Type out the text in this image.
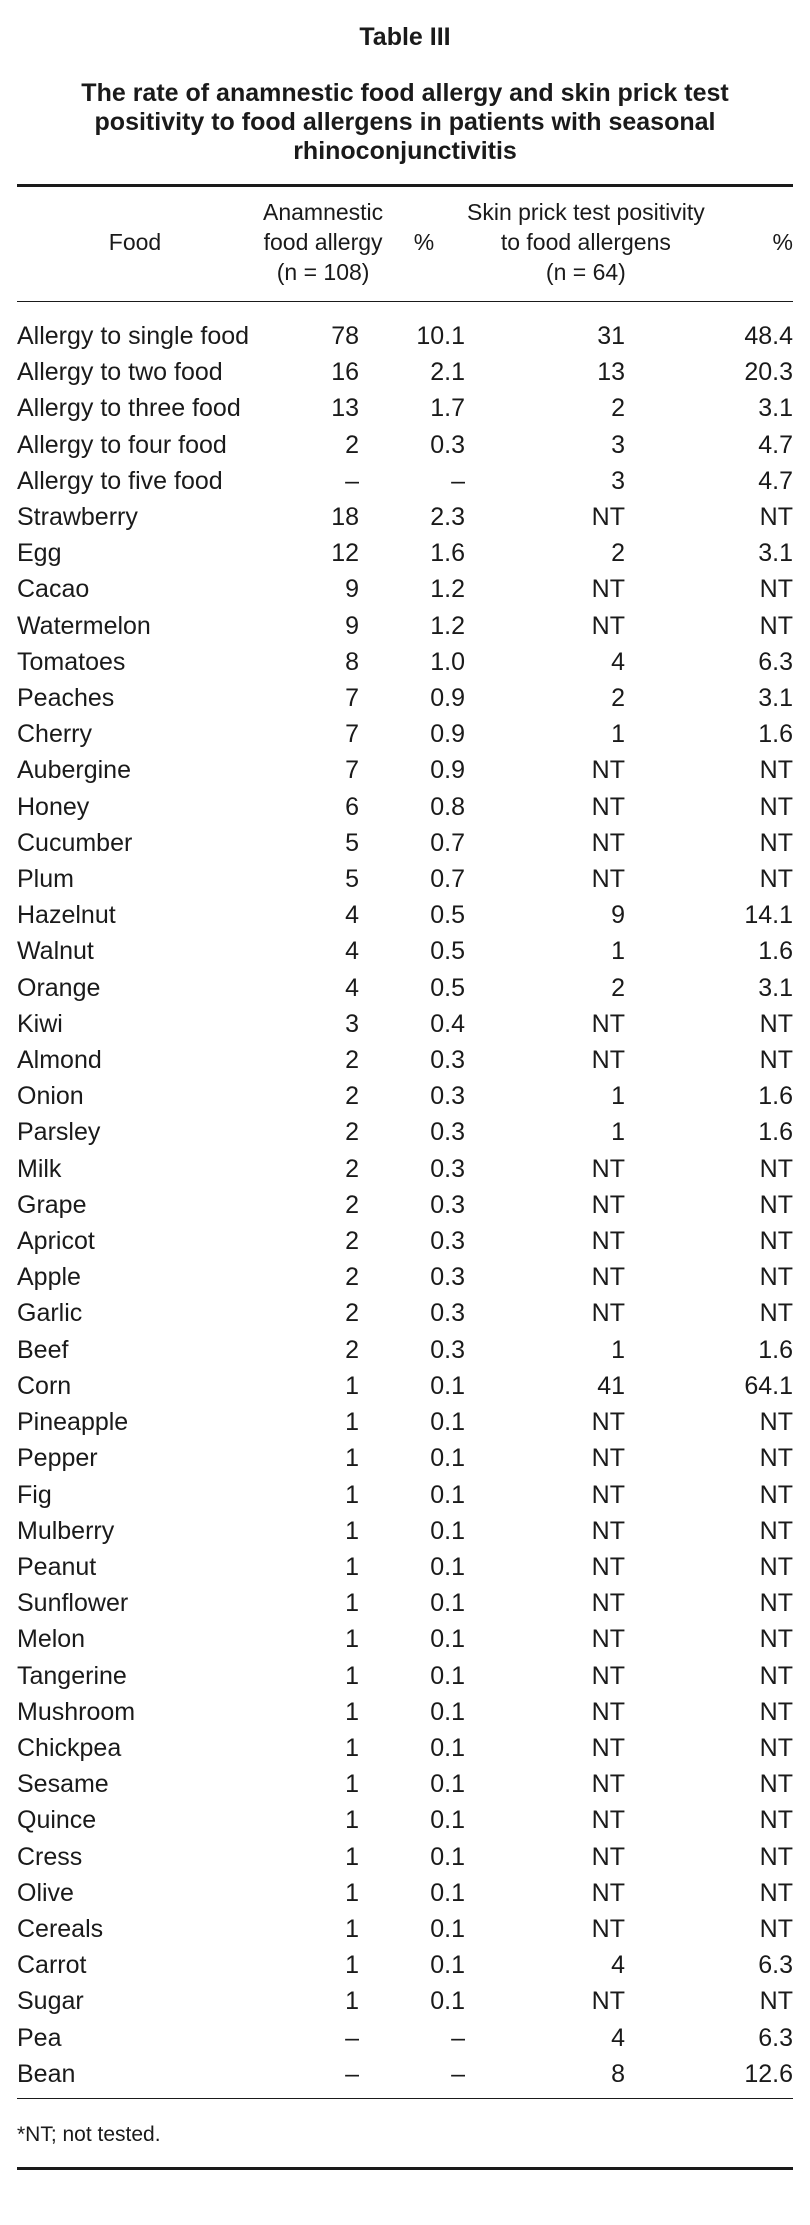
Table III
The rate of anamnestic food allergy and skin prick test positivity to food allergens in patients with seasonal rhinoconjunctivitis
Food	Anamnestic
food allergy
(n = 108)	%	Skin prick test positivity
to food allergens
(n = 64)	%
Allergy to single food	78	10.1	31	48.4
Allergy to two food	16	2.1	13	20.3
Allergy to three food	13	1.7	2	3.1
Allergy to four food	2	0.3	3	4.7
Allergy to five food	–	–	3	4.7
Strawberry	18	2.3	NT	NT
Egg	12	1.6	2	3.1
Cacao	9	1.2	NT	NT
Watermelon	9	1.2	NT	NT
Tomatoes	8	1.0	4	6.3
Peaches	7	0.9	2	3.1
Cherry	7	0.9	1	1.6
Aubergine	7	0.9	NT	NT
Honey	6	0.8	NT	NT
Cucumber	5	0.7	NT	NT
Plum	5	0.7	NT	NT
Hazelnut	4	0.5	9	14.1
Walnut	4	0.5	1	1.6
Orange	4	0.5	2	3.1
Kiwi	3	0.4	NT	NT
Almond	2	0.3	NT	NT
Onion	2	0.3	1	1.6
Parsley	2	0.3	1	1.6
Milk	2	0.3	NT	NT
Grape	2	0.3	NT	NT
Apricot	2	0.3	NT	NT
Apple	2	0.3	NT	NT
Garlic	2	0.3	NT	NT
Beef	2	0.3	1	1.6
Corn	1	0.1	41	64.1
Pineapple	1	0.1	NT	NT
Pepper	1	0.1	NT	NT
Fig	1	0.1	NT	NT
Mulberry	1	0.1	NT	NT
Peanut	1	0.1	NT	NT
Sunflower	1	0.1	NT	NT
Melon	1	0.1	NT	NT
Tangerine	1	0.1	NT	NT
Mushroom	1	0.1	NT	NT
Chickpea	1	0.1	NT	NT
Sesame	1	0.1	NT	NT
Quince	1	0.1	NT	NT
Cress	1	0.1	NT	NT
Olive	1	0.1	NT	NT
Cereals	1	0.1	NT	NT
Carrot	1	0.1	4	6.3
Sugar	1	0.1	NT	NT
Pea	–	–	4	6.3
Bean	–	–	8	12.6
*NT; not tested.
